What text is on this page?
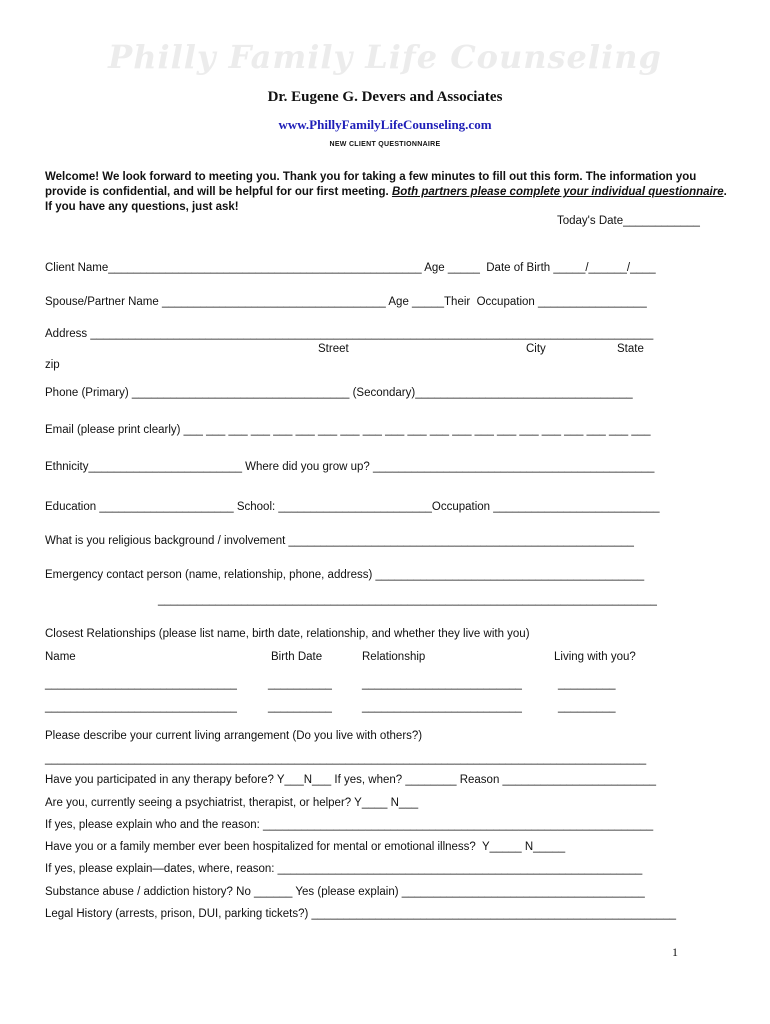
Philly Family Life Counseling
Dr. Eugene G. Devers and Associates
www.PhillyFamilyLifeCounseling.com
NEW CLIENT QUESTIONNAIRE
Welcome! We look forward to meeting you. Thank you for taking a few minutes to fill out this form. The information you provide is confidential, and will be helpful for our first meeting. Both partners please complete your individual questionnaire. If you have any questions, just ask!
Today's Date____________
Client Name_________________________________________________ Age _____  Date of Birth _____/______/____
Spouse/Partner Name ___________________________________ Age _____Their  Occupation _________________
Address ________________________________________________________________________________________
Street	City	State
zip
Phone (Primary) __________________________________ (Secondary)__________________________________
Email (please print clearly) ___ ___ ___ ___ ___ ___ ___ ___ ___ ___ ___ ___ ___ ___ ___ ___ ___ ___ ___ ___ ___
Ethnicity________________________ Where did you grow up? ____________________________________________
Education _____________________ School: ________________________Occupation __________________________
What is you religious background / involvement ______________________________________________________
Emergency contact person (name, relationship, phone, address) __________________________________________
______________________________________________________________________________
Closest Relationships (please list name, birth date, relationship, and whether they live with you)
Name	Birth Date	Relationship	Living with you?
______________________________	__________	_________________________	_________
______________________________	__________	_________________________	_________
Please describe your current living arrangement (Do you live with others?)
______________________________________________________________________________________________
Have you participated in any therapy before? Y___N___ If yes, when? ________ Reason ________________________
Are you, currently seeing a psychiatrist, therapist, or helper? Y____ N___
If yes, please explain who and the reason: _____________________________________________________________
Have you or a family member ever been hospitalized for mental or emotional illness?  Y_____ N_____
If yes, please explain—dates, where, reason: _________________________________________________________
Substance abuse / addiction history? No ______ Yes (please explain) ______________________________________
Legal History (arrests, prison, DUI, parking tickets?) _________________________________________________________
1
